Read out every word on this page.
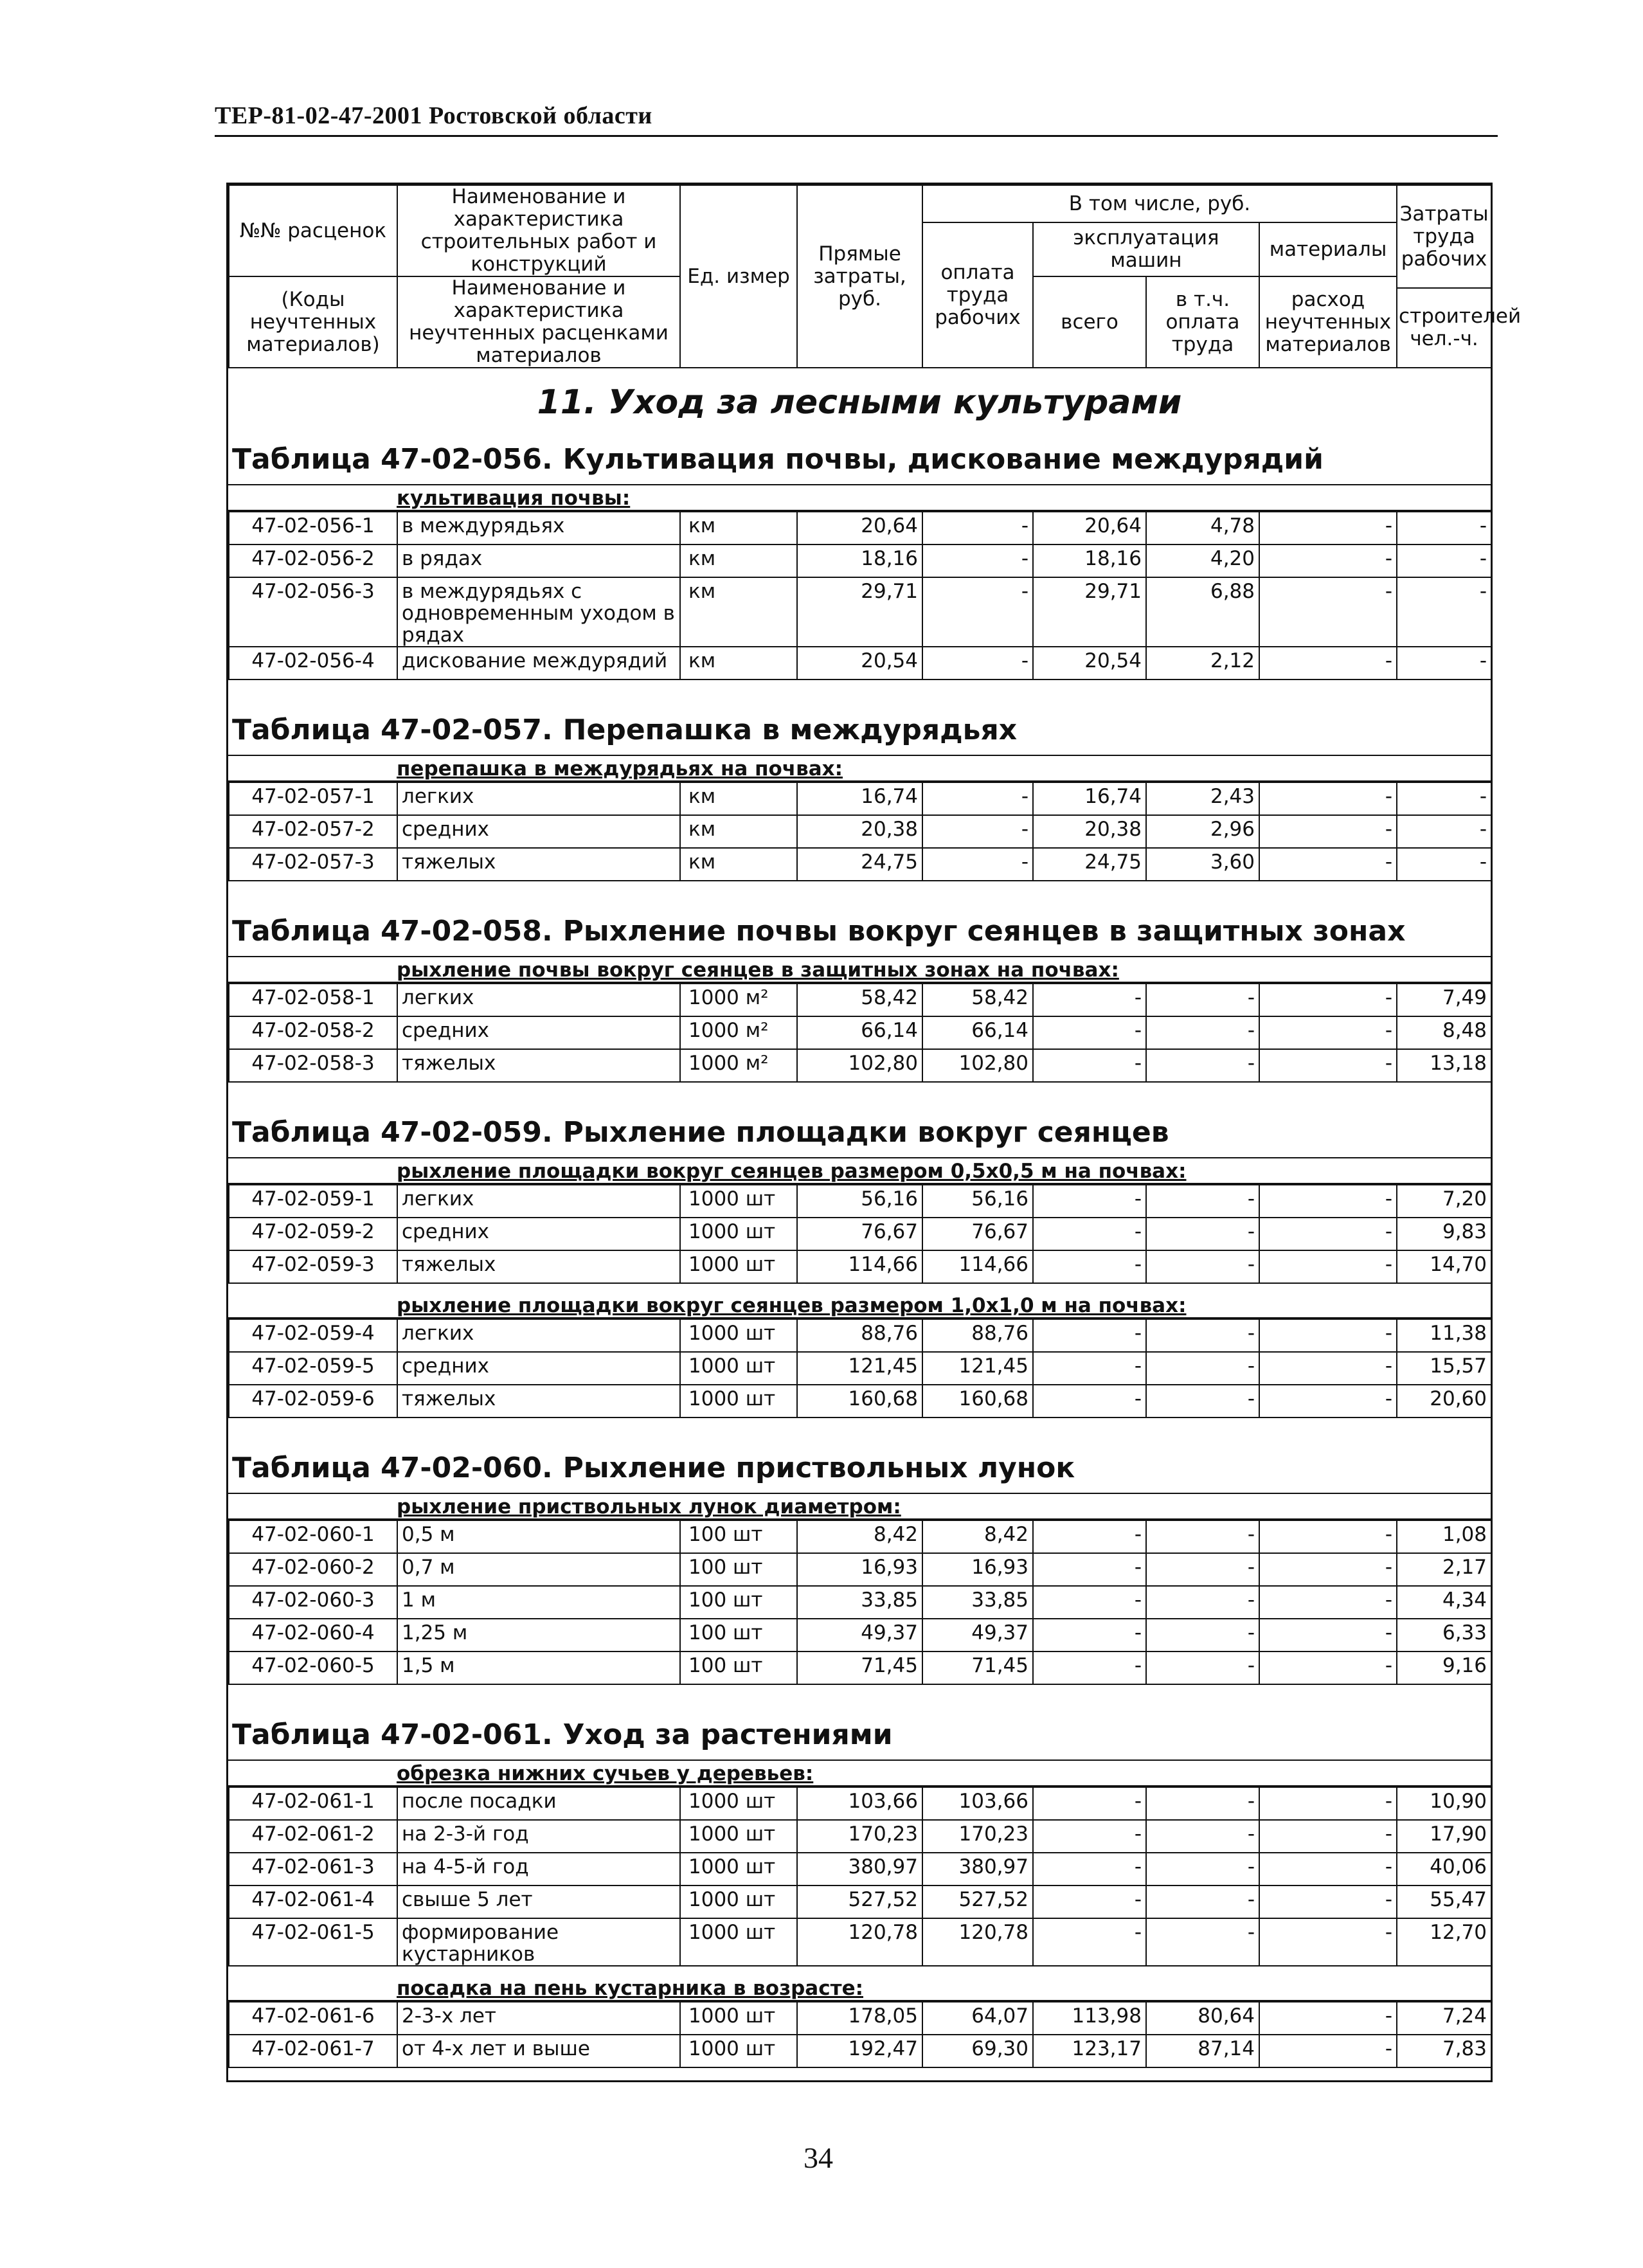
ТЕР-81-02-47-2001 Ростовской области
№№ расценок	Наименование и характеристика строительных работ и конструкций	Ед. измер	Прямые затраты, руб.	В том числе, руб.				Затраты труда рабочих
				оплата труда рабочих	эксплуатация машин		материалы	
(Коды неучтенных материалов)	Наименование и характеристика неучтенных расценками материалов				всего	в т.ч. оплата труда	расход неучтенных материалов	
								строителей чел.-ч.
11. Уход за лесными культурами
Таблица 47-02-056. Культивация почвы, дискование междурядий
культивация почвы:
47-02-056-1	в междурядьях	км	20,64	-	20,64	4,78	-	-
47-02-056-2	в рядах	км	18,16	-	18,16	4,20	-	-
47-02-056-3	в междурядьях с одновременным уходом в рядах	км	29,71	-	29,71	6,88	-	-
47-02-056-4	дискование междурядий	км	20,54	-	20,54	2,12	-	-
Таблица 47-02-057. Перепашка в междурядьях
перепашка в междурядьях на почвах:
47-02-057-1	легких	км	16,74	-	16,74	2,43	-	-
47-02-057-2	средних	км	20,38	-	20,38	2,96	-	-
47-02-057-3	тяжелых	км	24,75	-	24,75	3,60	-	-
Таблица 47-02-058. Рыхление почвы вокруг сеянцев в защитных зонах
рыхление почвы вокруг сеянцев в защитных зонах на почвах:
47-02-058-1	легких	1000 м²	58,42	58,42	-	-	-	7,49
47-02-058-2	средних	1000 м²	66,14	66,14	-	-	-	8,48
47-02-058-3	тяжелых	1000 м²	102,80	102,80	-	-	-	13,18
Таблица 47-02-059. Рыхление площадки вокруг сеянцев
рыхление площадки вокруг сеянцев размером 0,5х0,5 м на почвах:
47-02-059-1	легких	1000 шт	56,16	56,16	-	-	-	7,20
47-02-059-2	средних	1000 шт	76,67	76,67	-	-	-	9,83
47-02-059-3	тяжелых	1000 шт	114,66	114,66	-	-	-	14,70
рыхление площадки вокруг сеянцев размером 1,0х1,0 м на почвах:
47-02-059-4	легких	1000 шт	88,76	88,76	-	-	-	11,38
47-02-059-5	средних	1000 шт	121,45	121,45	-	-	-	15,57
47-02-059-6	тяжелых	1000 шт	160,68	160,68	-	-	-	20,60
Таблица 47-02-060. Рыхление приствольных лунок
рыхление приствольных лунок диаметром:
47-02-060-1	0,5 м	100 шт	8,42	8,42	-	-	-	1,08
47-02-060-2	0,7 м	100 шт	16,93	16,93	-	-	-	2,17
47-02-060-3	1 м	100 шт	33,85	33,85	-	-	-	4,34
47-02-060-4	1,25 м	100 шт	49,37	49,37	-	-	-	6,33
47-02-060-5	1,5 м	100 шт	71,45	71,45	-	-	-	9,16
Таблица 47-02-061. Уход за растениями
обрезка нижних сучьев у деревьев:
47-02-061-1	после посадки	1000 шт	103,66	103,66	-	-	-	10,90
47-02-061-2	на 2-3-й год	1000 шт	170,23	170,23	-	-	-	17,90
47-02-061-3	на 4-5-й год	1000 шт	380,97	380,97	-	-	-	40,06
47-02-061-4	свыше 5 лет	1000 шт	527,52	527,52	-	-	-	55,47
47-02-061-5	формирование кустарников	1000 шт	120,78	120,78	-	-	-	12,70
посадка на пень кустарника в возрасте:
47-02-061-6	2-3-х лет	1000 шт	178,05	64,07	113,98	80,64	-	7,24
47-02-061-7	от 4-х лет и выше	1000 шт	192,47	69,30	123,17	87,14	-	7,83
34
